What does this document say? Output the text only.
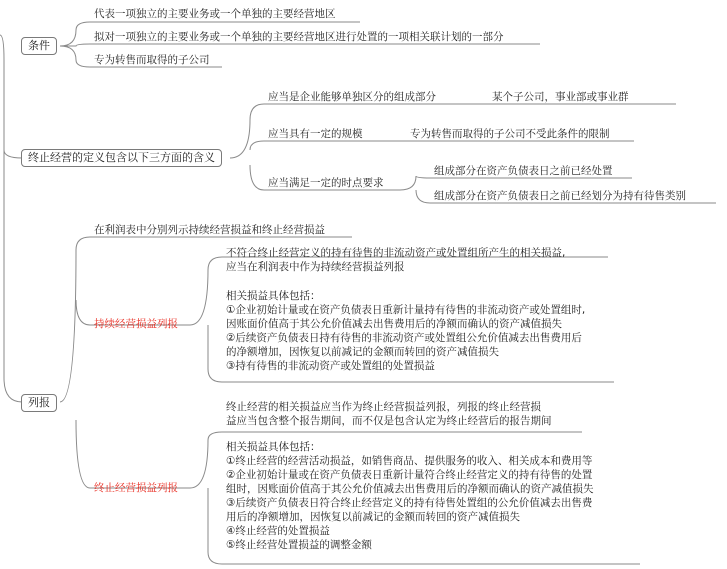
条件
终止经营的定义包含以下三方面的含义
列报
代表一项独立的主要业务或一个单独的主要经营地区
拟对一项独立的主要业务或一个单独的主要经营地区进行处置的一项相关联计划的一部分
专为转售而取得的子公司
应当是企业能够单独区分的组成部分	某个子公司，事业部或事业群
应当具有一定的规模	专为转售而取得的子公司不受此条件的限制
应当满足一定的时点要求
组成部分在资产负债表日之前已经处置
组成部分在资产负债表日之前已经划分为持有待售类别
在利润表中分别列示持续经营损益和终止经营损益
持续经营损益列报
终止经营损益列报
不符合终止经营定义的持有待售的非流动资产或处置组所产生的相关损益,
应当在利润表中作为持续经营损益列报
相关损益具体包括：
①企业初始计量或在资产负债表日重新计量持有待售的非流动资产或处置组时,
因账面价值高于其公允价值减去出售费用后的净额而确认的资产减值损失
②后续资产负债表日持有待售的非流动资产或处置组公允价值减去出售费用后
的净额增加，因恢复以前减记的金额而转回的资产减值损失
③持有待售的非流动资产或处置组的处置损益
终止经营的相关损益应当作为终止经营损益列报，列报的终止经营损
益应当包含整个报告期间，而不仅是包含认定为终止经营后的报告期间
相关损益具体包括：
①终止经营的经营活动损益，如销售商品、提供服务的收入、相关成本和费用等
②企业初始计量或在资产负债表日重新计量符合终止经营定义的持有待售的处置
组时，因账面价值高于其公允价值减去出售费用后的净额而确认的资产减值损失
③后续资产负债表日符合终止经营定义的持有待售处置组的公允价值减去出售费
用后的净额增加，因恢复以前减记的金额而转回的资产减值损失
④终止经营的处置损益
⑤终止经营处置损益的调整金额
